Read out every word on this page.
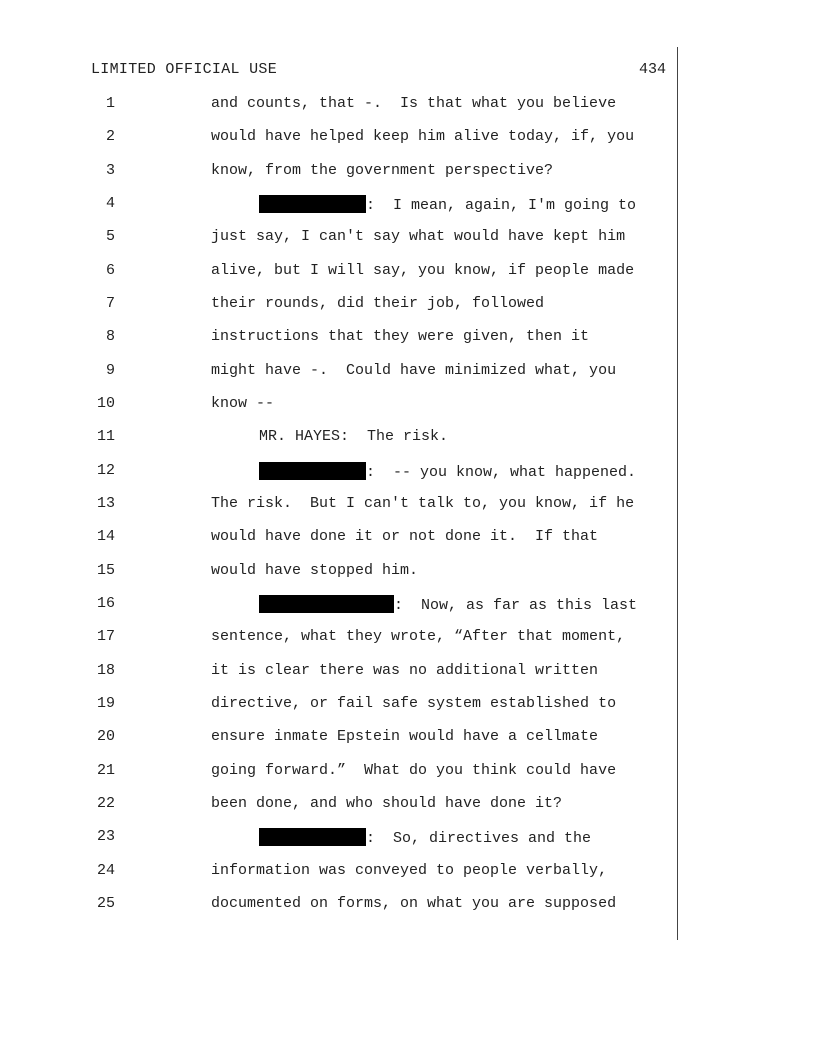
LIMITED OFFICIAL USE	434
1	and counts, that -.  Is that what you believe
2	would have helped keep him alive today, if, you
3	know, from the government perspective?
4	:  I mean, again, I'm going to
5	just say, I can't say what would have kept him
6	alive, but I will say, you know, if people made
7	their rounds, did their job, followed
8	instructions that they were given, then it
9	might have -.  Could have minimized what, you
10	know --
11	MR. HAYES:  The risk.
12	:  -- you know, what happened.
13	The risk.  But I can't talk to, you know, if he
14	would have done it or not done it.  If that
15	would have stopped him.
16	:  Now, as far as this last
17	sentence, what they wrote, “After that moment,
18	it is clear there was no additional written
19	directive, or fail safe system established to
20	ensure inmate Epstein would have a cellmate
21	going forward.”  What do you think could have
22	been done, and who should have done it?
23	:  So, directives and the
24	information was conveyed to people verbally,
25	documented on forms, on what you are supposed
